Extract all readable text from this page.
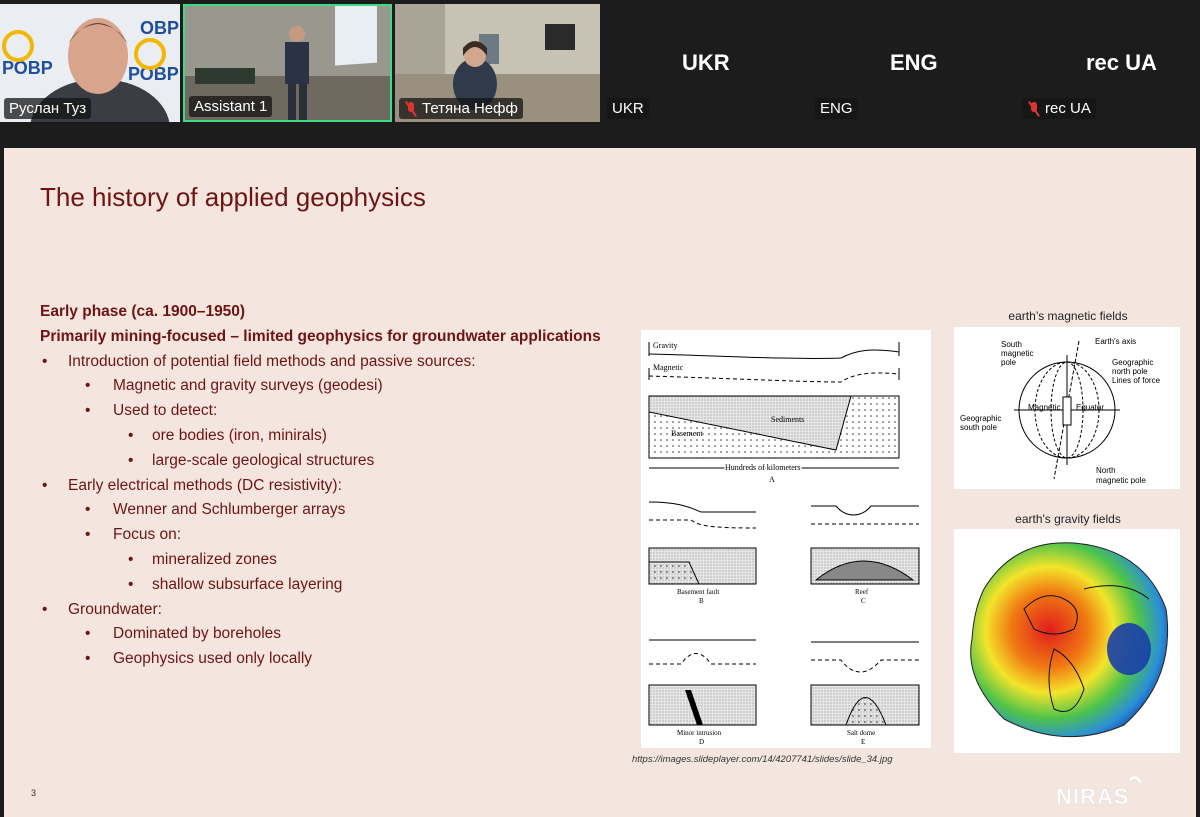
РОВР
ОВР
РОВР
Руслан Туз	Assistant 1	Тетяна Нефф
UKR
UKR
ENG
ENG
rec UA
rec UA
The history of applied geophysics
Early phase (ca. 1900–1950)
Primarily mining-focused – limited geophysics for groundwater applications
• Introduction of potential field methods and passive sources:
• Magnetic and gravity surveys (geodesi)
• Used to detect:
• ore bodies (iron, minirals)
• large-scale geological structures
• Early electrical methods (DC resistivity):
• Wenner and Schlumberger arrays
• Focus on:
• mineralized zones
• shallow subsurface layering
• Groundwater:
• Dominated by boreholes
• Geophysics used only locally
Gravity
Magnetic
Sediments
Basement
Hundreds of kilometers
A
Basement fault
B
Reef
C
Minor intrusion
D
Salt dome
E
https://images.slideplayer.com/14/4207741/slides/slide_34.jpg
earth’s magnetic fields
South
magnetic
pole
Earth's axis
Geographic
north pole
Lines of force
Magnetic Equator
Geographic
south pole
North
magnetic pole
earth's gravity fields
3	NIRAS
